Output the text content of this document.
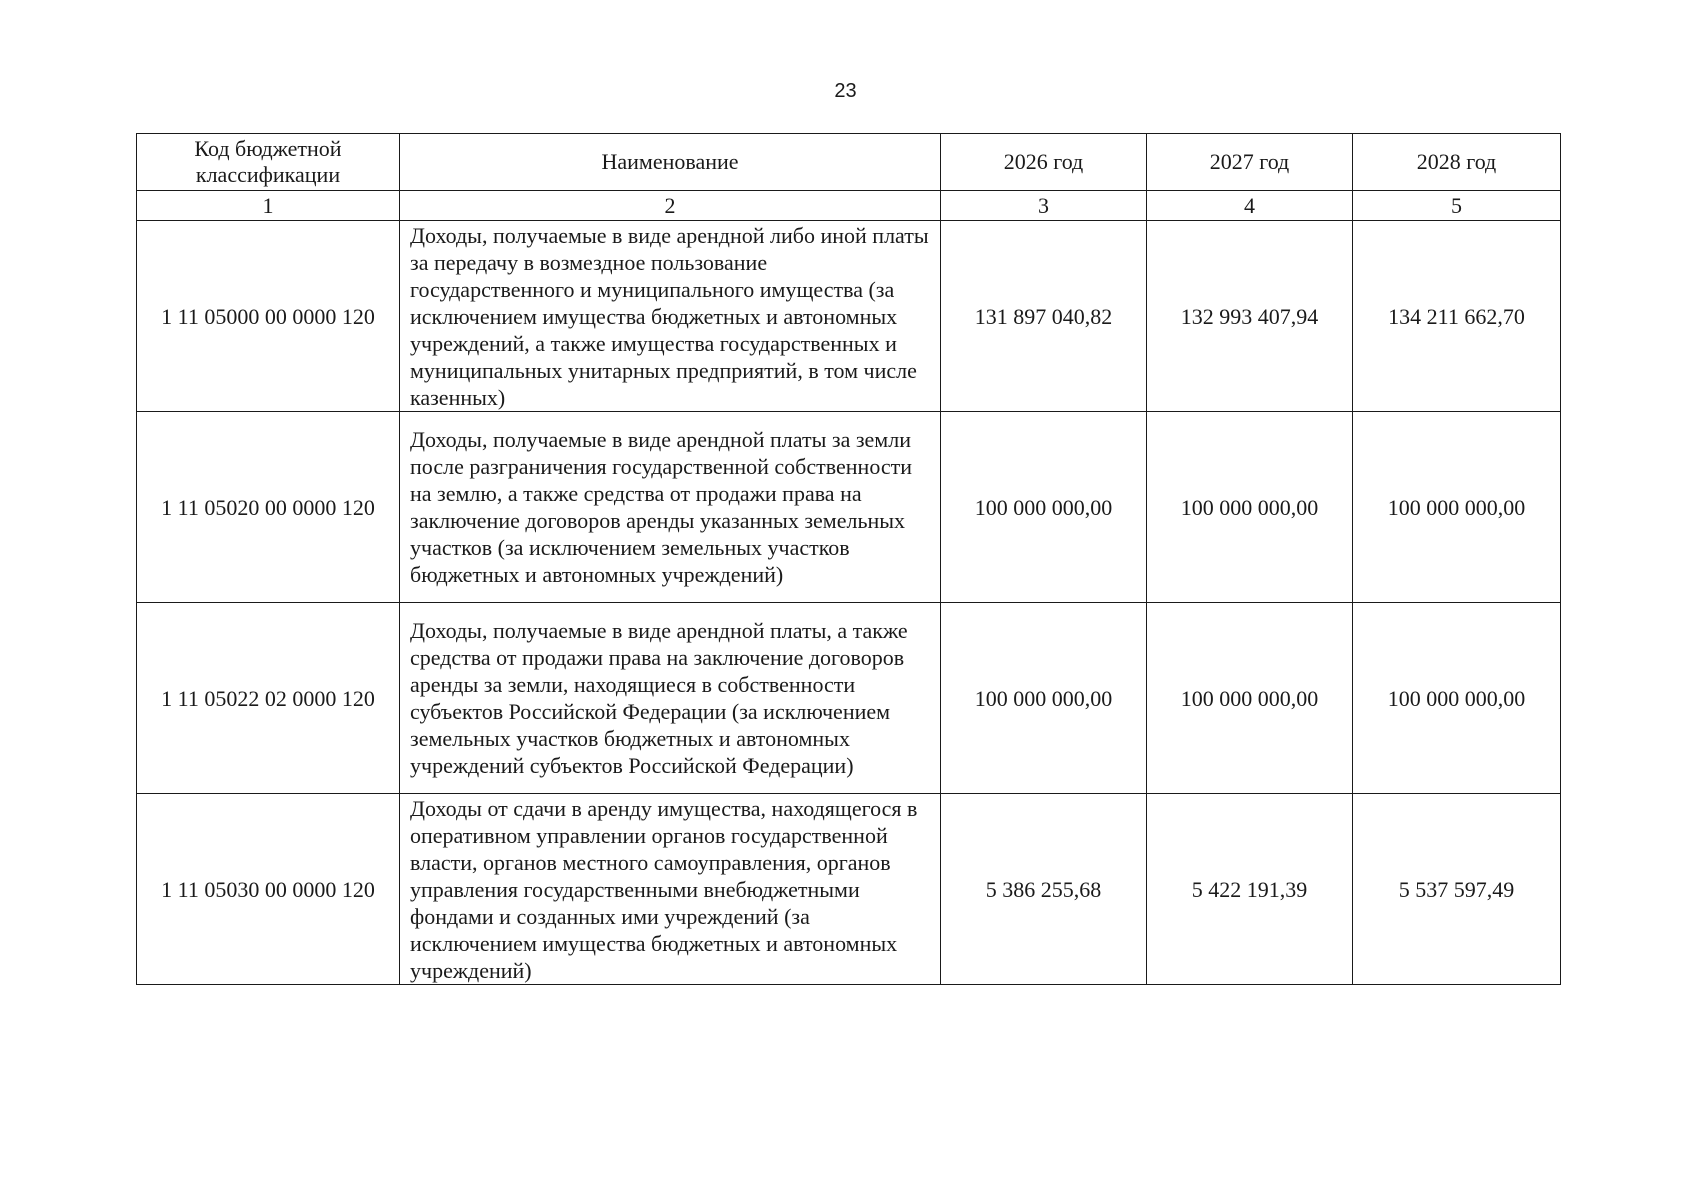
23
Код бюджетной классификации	Наименование	2026 год	2027 год	2028 год
1	2	3	4	5
1 11 05000 00 0000 120	Доходы, получаемые в виде арендной либо иной платы за передачу в возмездное пользование государственного и муниципального имущества (за исключением имущества бюджетных и автономных учреждений, а также имущества государственных и муниципальных унитарных предприятий, в том числе казенных)	131 897 040,82	132 993 407,94	134 211 662,70
1 11 05020 00 0000 120	Доходы, получаемые в виде арендной платы за земли после разграничения государственной собственности на землю, а также средства от продажи права на заключение договоров аренды указанных земельных участков (за исключением земельных участков бюджетных и автономных учреждений)	100 000 000,00	100 000 000,00	100 000 000,00
1 11 05022 02 0000 120	Доходы, получаемые в виде арендной платы, а также средства от продажи права на заключение договоров аренды за земли, находящиеся в собственности субъектов Российской Федерации (за исключением земельных участков бюджетных и автономных учреждений субъектов Российской Федерации)	100 000 000,00	100 000 000,00	100 000 000,00
1 11 05030 00 0000 120	Доходы от сдачи в аренду имущества, находящегося в оперативном управлении органов государственной власти, органов местного самоуправления, органов управления государственными внебюджетными фондами и созданных ими учреждений (за исключением имущества бюджетных и автономных учреждений)	5 386 255,68	5 422 191,39	5 537 597,49
